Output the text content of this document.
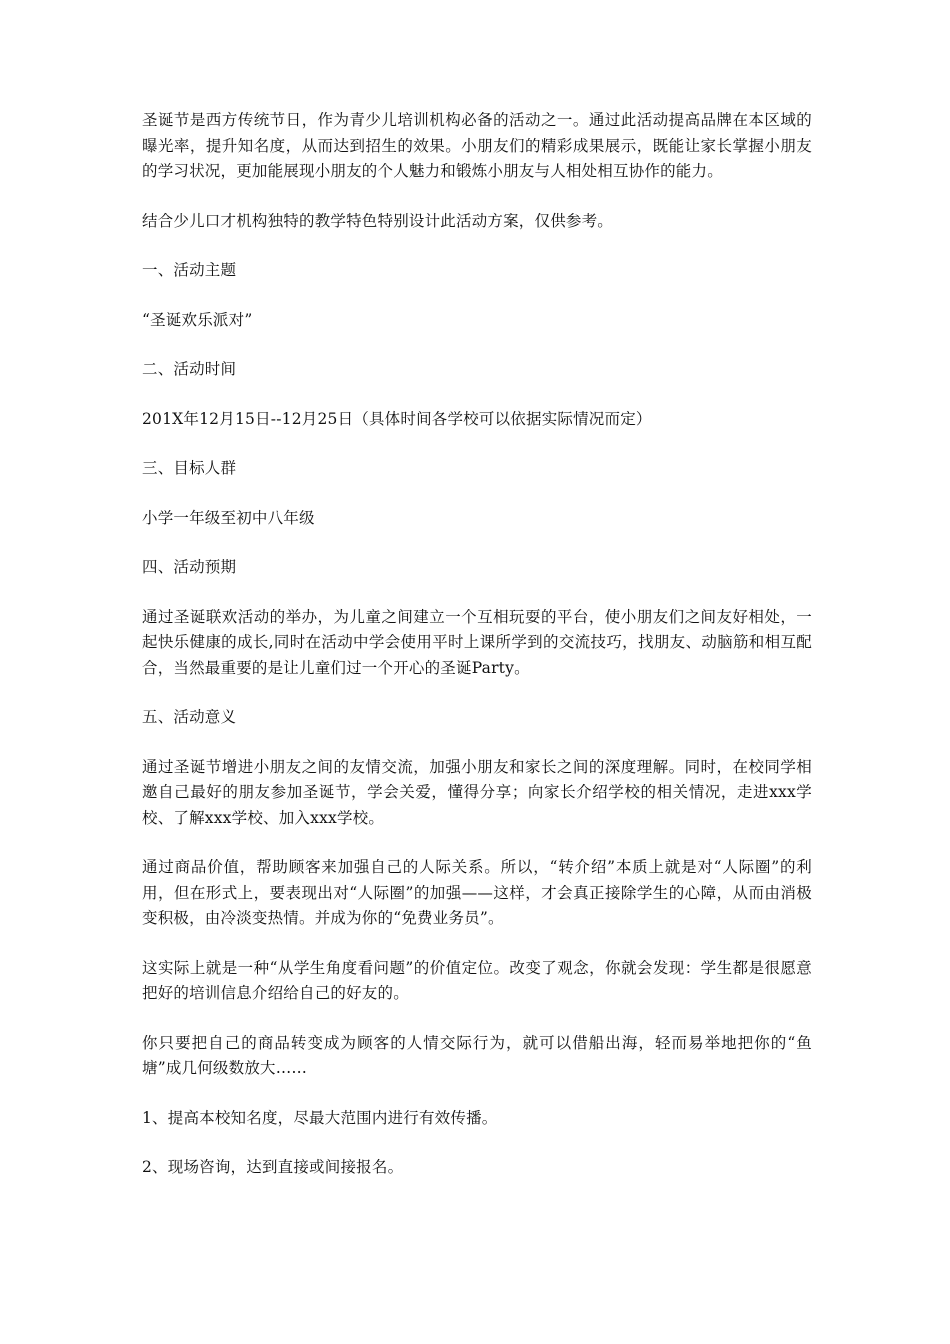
圣诞节是西方传统节日，作为青少儿培训机构必备的活动之一。通过此活动提高品牌在本区域的曝光率，提升知名度，从而达到招生的效果。小朋友们的精彩成果展示，既能让家长掌握小朋友的学习状况，更加能展现小朋友的个人魅力和锻炼小朋友与人相处相互协作的能力。

结合少儿口才机构独特的教学特色特别设计此活动方案，仅供参考。

一、活动主题

“圣诞欢乐派对”

二、活动时间

201X年12月15日--12月25日（具体时间各学校可以依据实际情况而定）

三、目标人群

小学一年级至初中八年级

四、活动预期

通过圣诞联欢活动的举办，为儿童之间建立一个互相玩耍的平台，使小朋友们之间友好相处，一起快乐健康的成长,同时在活动中学会使用平时上课所学到的交流技巧，找朋友、动脑筋和相互配合，当然最重要的是让儿童们过一个开心的圣诞Party。

五、活动意义

通过圣诞节增进小朋友之间的友情交流，加强小朋友和家长之间的深度理解。同时，在校同学相邀自己最好的朋友参加圣诞节，学会关爱，懂得分享；向家长介绍学校的相关情况，走进xxx学校、了解xxx学校、加入xxx学校。

通过商品价值，帮助顾客来加强自己的人际关系。所以，“转介绍”本质上就是对“人际圈”的利用，但在形式上，要表现出对“人际圈”的加强——这样，才会真正接除学生的心障，从而由消极变积极，由冷淡变热情。并成为你的“免费业务员”。

这实际上就是一种“从学生角度看问题”的价值定位。改变了观念，你就会发现：学生都是很愿意把好的培训信息介绍给自己的好友的。

你只要把自己的商品转变成为顾客的人情交际行为，就可以借船出海，轻而易举地把你的“鱼塘”成几何级数放大……

1、提高本校知名度，尽最大范围内进行有效传播。

2、现场咨询，达到直接或间接报名。
